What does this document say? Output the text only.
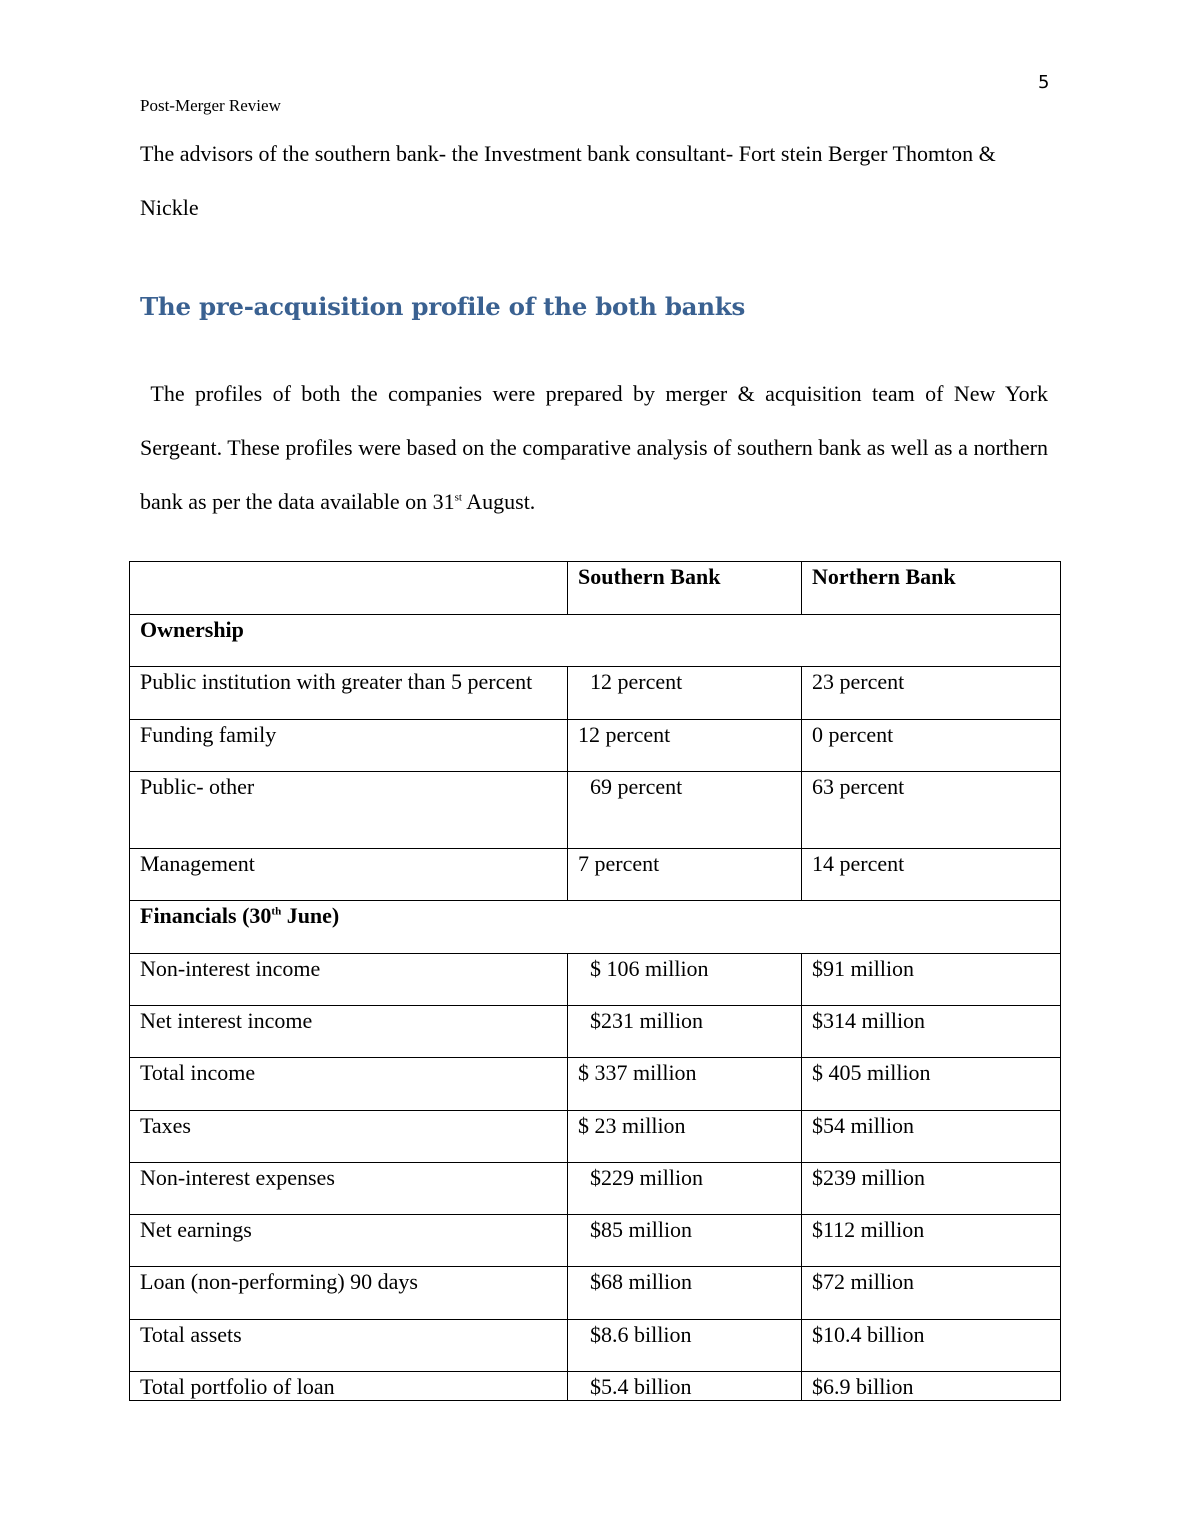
5
Post-Merger Review
The advisors of the southern bank- the Investment bank consultant- Fort stein Berger Thomton & Nickle
The pre-acquisition profile of the both banks
The profiles of both the companies were prepared by merger & acquisition team of New York Sergeant. These profiles were based on the comparative analysis of southern bank as well as a northern bank as per the data available on 31st August.
	Southern Bank	Northern Bank
Ownership		
Public institution with greater than 5 percent	12 percent	23 percent
Funding family	12 percent	0 percent
Public- other	69 percent	63 percent
Management	7 percent	14 percent
Financials (30th June)		
Non-interest income	$ 106 million	$91 million
Net interest income	$231 million	$314 million
Total income	$ 337 million	$ 405 million
Taxes	$ 23 million	$54 million
Non-interest expenses	$229 million	$239 million
Net earnings	$85 million	$112 million
Loan (non-performing) 90 days	$68 million	$72 million
Total assets	$8.6 billion	$10.4 billion
Total portfolio of loan	$5.4 billion	$6.9 billion
